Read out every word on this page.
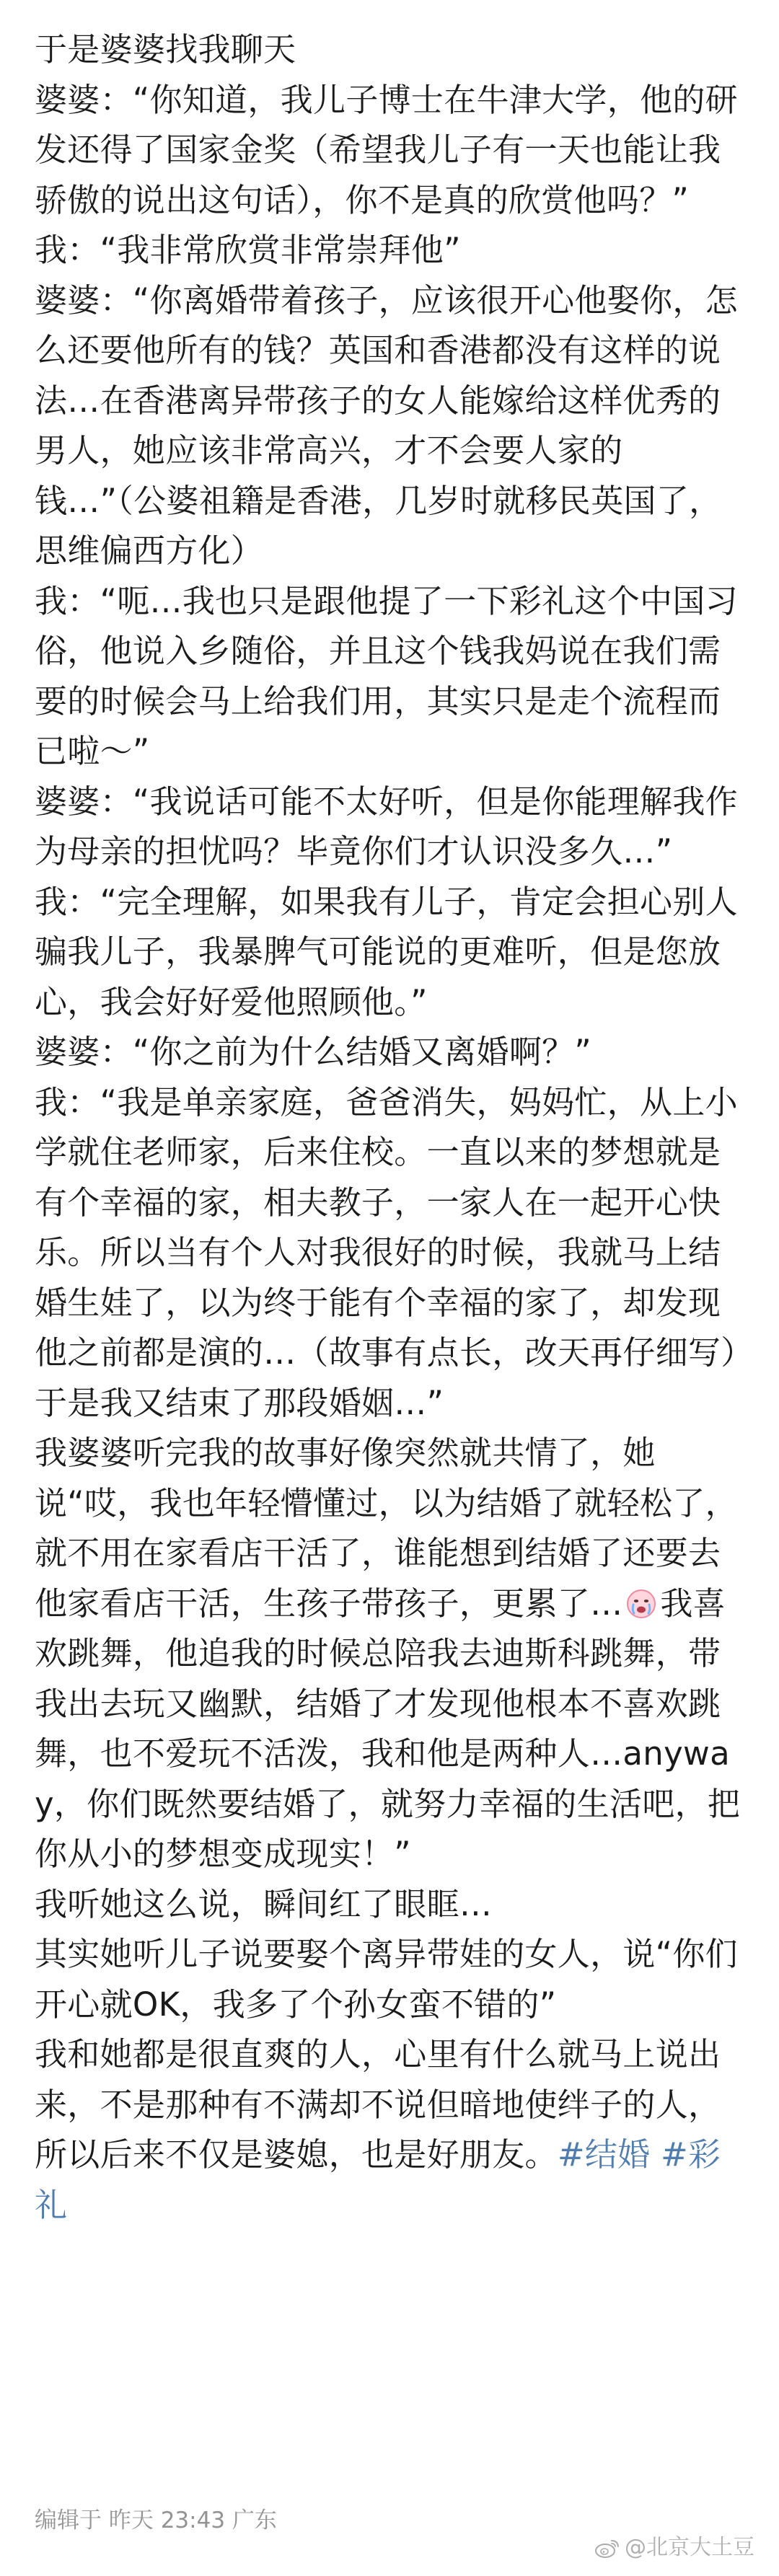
于是婆婆找我聊天

婆婆：“你知道，我儿子博士在牛津大学，他的研发还得了国家金奖（希望我儿子有一天也能让我骄傲的说出这句话），你不是真的欣赏他吗？”

我：“我非常欣赏非常崇拜他”

婆婆：“你离婚带着孩子，应该很开心他娶你，怎么还要他所有的钱？英国和香港都没有这样的说法…在香港离异带孩子的女人能嫁给这样优秀的男人，她应该非常高兴，才不会要人家的钱…”（公婆祖籍是香港，几岁时就移民英国了，思维偏西方化）

我：“呃…我也只是跟他提了一下彩礼这个中国习俗，他说入乡随俗，并且这个钱我妈说在我们需要的时候会马上给我们用，其实只是走个流程而已啦～”

婆婆：“我说话可能不太好听，但是你能理解我作为母亲的担忧吗？毕竟你们才认识没多久…”

我：“完全理解，如果我有儿子，肯定会担心别人骗我儿子，我暴脾气可能说的更难听，但是您放心，我会好好爱他照顾他。”

婆婆：“你之前为什么结婚又离婚啊？”

我：“我是单亲家庭，爸爸消失，妈妈忙，从上小学就住老师家，后来住校。一直以来的梦想就是有个幸福的家，相夫教子，一家人在一起开心快乐。所以当有个人对我很好的时候，我就马上结婚生娃了，以为终于能有个幸福的家了，却发现他之前都是演的…（故事有点长，改天再仔细写）于是我又结束了那段婚姻…”

我婆婆听完我的故事好像突然就共情了，她说“哎，我也年轻懵懂过，以为结婚了就轻松了，就不用在家看店干活了，谁能想到结婚了还要去他家看店干活，生孩子带孩子，更累了… 我喜欢跳舞，他追我的时候总陪我去迪斯科跳舞，带我出去玩又幽默，结婚了才发现他根本不喜欢跳舞，也不爱玩不活泼，我和他是两种人…anyway，你们既然要结婚了，就努力幸福的生活吧，把你从小的梦想变成现实！”

我听她这么说，瞬间红了眼眶…

其实她听儿子说要娶个离异带娃的女人，说“你们开心就OK，我多了个孙女蛮不错的”

我和她都是很直爽的人，心里有什么就马上说出来，不是那种有不满却不说但暗地使绊子的人，所以后来不仅是婆媳，也是好朋友。#结婚 #彩礼

编辑于 昨天 23:43 广东
@北京大土豆
